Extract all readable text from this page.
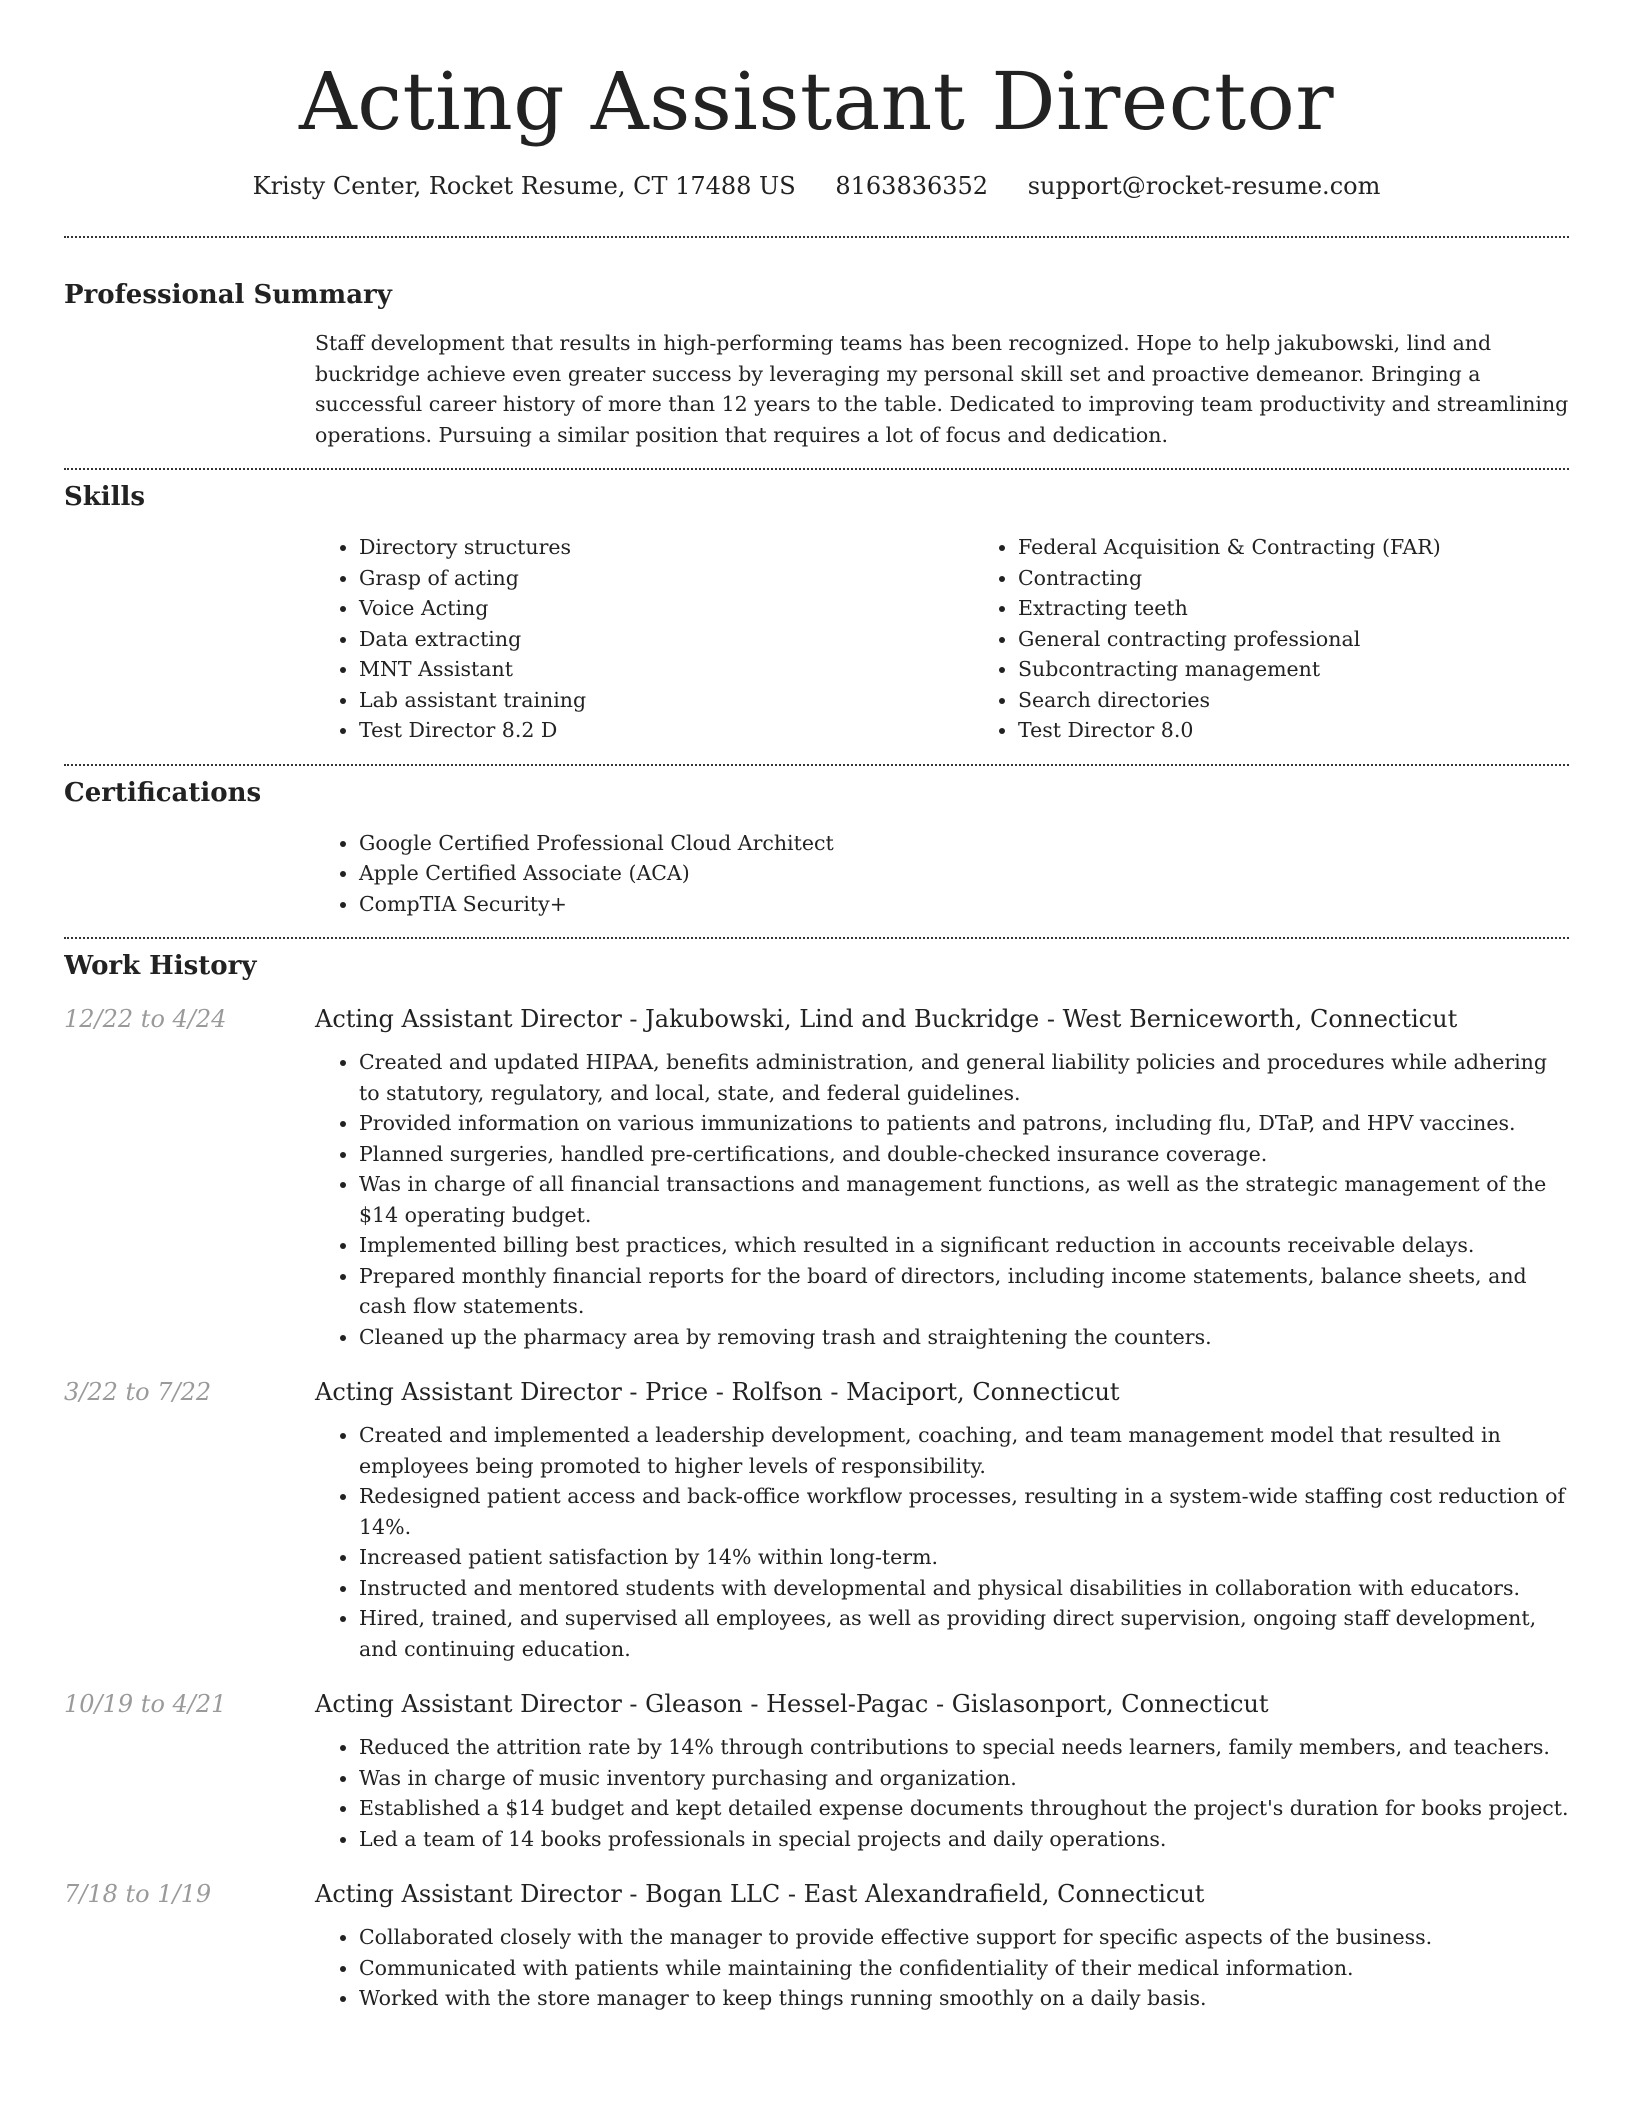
Acting Assistant Director
Kristy Center, Rocket Resume, CT 17488 US 8163836352 support@rocket-resume.com
Professional Summary
Staff development that results in high-performing teams has been recognized. Hope to help jakubowski, lind and buckridge achieve even greater success by leveraging my personal skill set and proactive demeanor. Bringing a successful career history of more than 12 years to the table. Dedicated to improving team productivity and streamlining operations. Pursuing a similar position that requires a lot of focus and dedication.
Skills
• Directory structures
• Grasp of acting
• Voice Acting
• Data extracting
• MNT Assistant
• Lab assistant training
• Test Director 8.2 D
• Federal Acquisition & Contracting (FAR)
• Contracting
• Extracting teeth
• General contracting professional
• Subcontracting management
• Search directories
• Test Director 8.0
Certifications
• Google Certified Professional Cloud Architect
• Apple Certified Associate (ACA)
• CompTIA Security+
Work History
12/22 to 4/24	Acting Assistant Director - Jakubowski, Lind and Buckridge - West Berniceworth, Connecticut
• Created and updated HIPAA, benefits administration, and general liability policies and procedures while adhering to statutory, regulatory, and local, state, and federal guidelines.
• Provided information on various immunizations to patients and patrons, including flu, DTaP, and HPV vaccines.
• Planned surgeries, handled pre-certifications, and double-checked insurance coverage.
• Was in charge of all financial transactions and management functions, as well as the strategic management of the $14 operating budget.
• Implemented billing best practices, which resulted in a significant reduction in accounts receivable delays.
• Prepared monthly financial reports for the board of directors, including income statements, balance sheets, and cash flow statements.
• Cleaned up the pharmacy area by removing trash and straightening the counters.
3/22 to 7/22	Acting Assistant Director - Price - Rolfson - Maciport, Connecticut
• Created and implemented a leadership development, coaching, and team management model that resulted in employees being promoted to higher levels of responsibility.
• Redesigned patient access and back-office workflow processes, resulting in a system-wide staffing cost reduction of 14%.
• Increased patient satisfaction by 14% within long-term.
• Instructed and mentored students with developmental and physical disabilities in collaboration with educators.
• Hired, trained, and supervised all employees, as well as providing direct supervision, ongoing staff development, and continuing education.
10/19 to 4/21	Acting Assistant Director - Gleason - Hessel-Pagac - Gislasonport, Connecticut
• Reduced the attrition rate by 14% through contributions to special needs learners, family members, and teachers.
• Was in charge of music inventory purchasing and organization.
• Established a $14 budget and kept detailed expense documents throughout the project's duration for books project.
• Led a team of 14 books professionals in special projects and daily operations.
7/18 to 1/19	Acting Assistant Director - Bogan LLC - East Alexandrafield, Connecticut
• Collaborated closely with the manager to provide effective support for specific aspects of the business.
• Communicated with patients while maintaining the confidentiality of their medical information.
• Worked with the store manager to keep things running smoothly on a daily basis.
